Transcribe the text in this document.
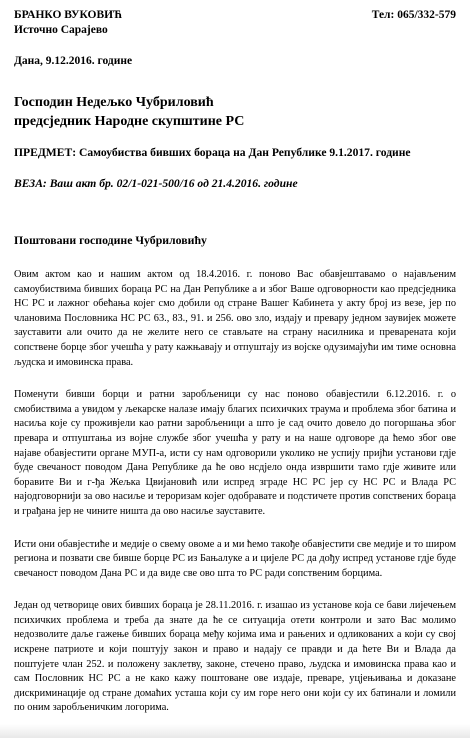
БРАНКО ВУКОВИЋ
Источно Сарајево
Тел: 065/332-579
Дана, 9.12.2016. године
Господин Недељко Чубриловић
предсједник Народне скупштине РС
ПРЕДМЕТ: Самоубиства бивших бораца на Дан Републике 9.1.2017. године
ВЕЗА: Ваш акт бр. 02/1-021-500/16 од 21.4.2016. године
Поштовани господине Чубриловићу

Овим актом као и нашим актом од 18.4.2016. г. поново Вас обавјештавамо о најављеним самоубиствима бивших бораца РС на Дан Републике а и због Ваше одговорности као предсједника НС РС и лажног обећања којег смо добили од стране Вашег Кабинета у акту број из везе, јер по члановима Пословника НС РС 63., 83., 91. и 256. ово зло, издају и превару једном заувијек можете зауставити али очито да не желите него се стављате на страну насилника и преварената који сопствене борце због учешћа у рату кажњавају и отпуштају из војске одузимајући им тиме основна људска и имовинска права.

Поменути бивши борци и ратни заробљеници су нас поново обавјестили 6.12.2016. г. о смобиствима а увидом у љекарске налазе имају благих психичких траума и проблема због батина и насиља које су проживјели као ратни заробљеници а што је сад очито довело до погоршања због превара и отпуштања из војне службе због учешћа у рату и на наше одговоре да ћемо због ове најаве обавјестити органе МУП-а, исти су нам одговорили уколико не успију пријћи установи гдје буде свечаност поводом Дана Републике да ће ово нсдјело онда извршити тамо гдје живите или боравите Ви и г-ђа Жељка Цвијановић или испред зграде НС РС јер су НС РС и Влада РС најодговорнији за ово насиље и тероризам којег одобравате и подстичете против сопствених бораца и грађана јер не чините ништа да ово насиље зауставите.

Исти они обавјестиће и медије о свему овоме а и ми ћемо такође обавјестити све медије и то широм региона и позвати све бивше борце РС из Бањалуке а и цијеле РС да дођу испред установе гдје буде свечаност поводом Дана РС и да виде све ово шта то РС ради сопственим борцима.

Један од четворице ових бивших бораца је 28.11.2016. г. изашао из установе која се бави лијечењем психичких проблема и треба да знате да ће се ситуација отети контроли и зато Вас молимо недозволите даље гажење бивших бораца међу којима има и рањених и одликованих а који су свој искрене патриоте и који поштују закон и право и надају се правди и да ћете Ви и Влада да поштујете члан 252. и положену заклетву, законе, стечено право, људска и имовинска права као и сам Пословник НС РС а не како кажу поштоване ове издаје, преваре, уцјењивања и доказане дискриминације од стране домаћих усташа који су им горе него они који су их батинали и ломили по оним заробљеничким логорима.
